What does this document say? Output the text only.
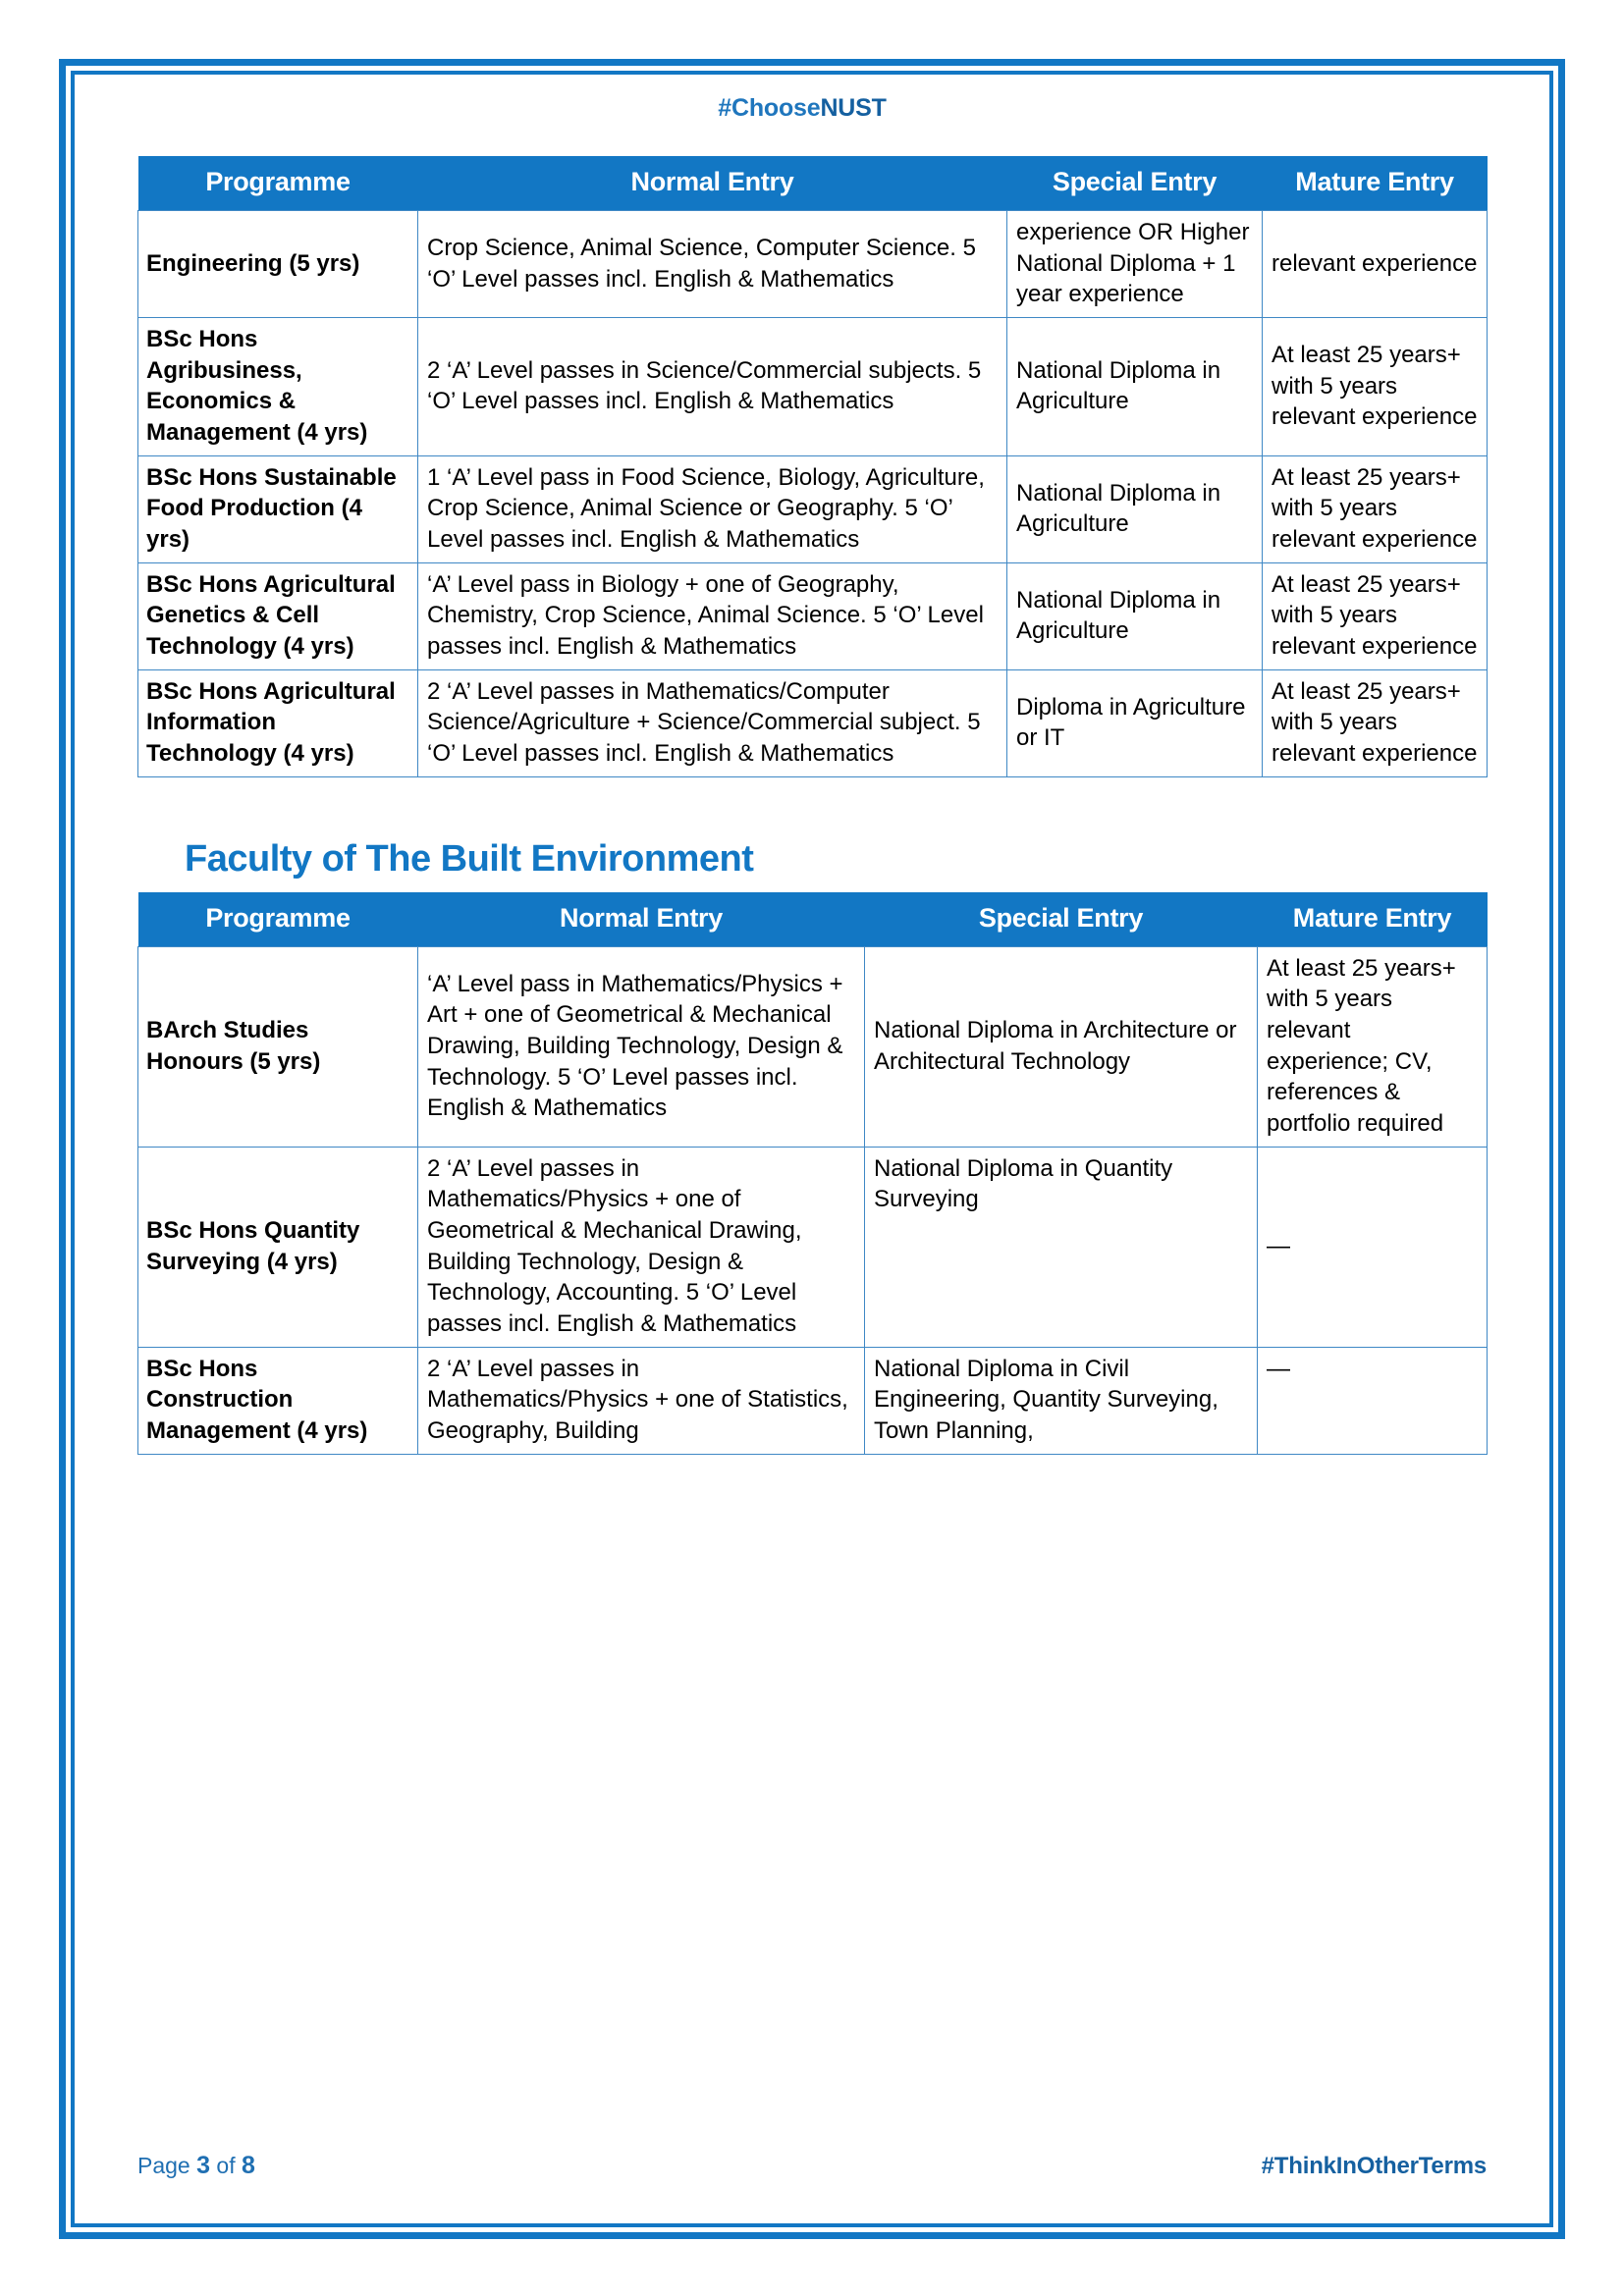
#ChooseNUST
Programme	Normal Entry	Special Entry	Mature Entry
Engineering (5 yrs)	Crop Science, Animal Science, Computer Science. 5 ‘O’ Level passes incl. English & Mathematics	experience OR Higher National Diploma + 1 year experience	relevant experience
BSc Hons Agribusiness, Economics & Management (4 yrs)	2 ‘A’ Level passes in Science/Commercial subjects. 5 ‘O’ Level passes incl. English & Mathematics	National Diploma in Agriculture	At least 25 years+ with 5 years relevant experience
BSc Hons Sustainable Food Production (4 yrs)	1 ‘A’ Level pass in Food Science, Biology, Agriculture, Crop Science, Animal Science or Geography. 5 ‘O’ Level passes incl. English & Mathematics	National Diploma in Agriculture	At least 25 years+ with 5 years relevant experience
BSc Hons Agricultural Genetics & Cell Technology (4 yrs)	‘A’ Level pass in Biology + one of Geography, Chemistry, Crop Science, Animal Science. 5 ‘O’ Level passes incl. English & Mathematics	National Diploma in Agriculture	At least 25 years+ with 5 years relevant experience
BSc Hons Agricultural Information Technology (4 yrs)	2 ‘A’ Level passes in Mathematics/Computer Science/Agriculture + Science/Commercial subject. 5 ‘O’ Level passes incl. English & Mathematics	Diploma in Agriculture or IT	At least 25 years+ with 5 years relevant experience
Faculty of The Built Environment
Programme	Normal Entry	Special Entry	Mature Entry
BArch Studies Honours (5 yrs)	‘A’ Level pass in Mathematics/Physics + Art + one of Geometrical & Mechanical Drawing, Building Technology, Design & Technology. 5 ‘O’ Level passes incl. English & Mathematics	National Diploma in Architecture or Architectural Technology	At least 25 years+ with 5 years relevant experience; CV, references & portfolio required
BSc Hons Quantity Surveying (4 yrs)	2 ‘A’ Level passes in Mathematics/Physics + one of Geometrical & Mechanical Drawing, Building Technology, Design & Technology, Accounting. 5 ‘O’ Level passes incl. English & Mathematics	National Diploma in Quantity Surveying	—
BSc Hons Construction Management (4 yrs)	2 ‘A’ Level passes in Mathematics/Physics + one of Statistics, Geography, Building	National Diploma in Civil Engineering, Quantity Surveying, Town Planning,	—
Page 3 of 8	#ThinkInOtherTerms
